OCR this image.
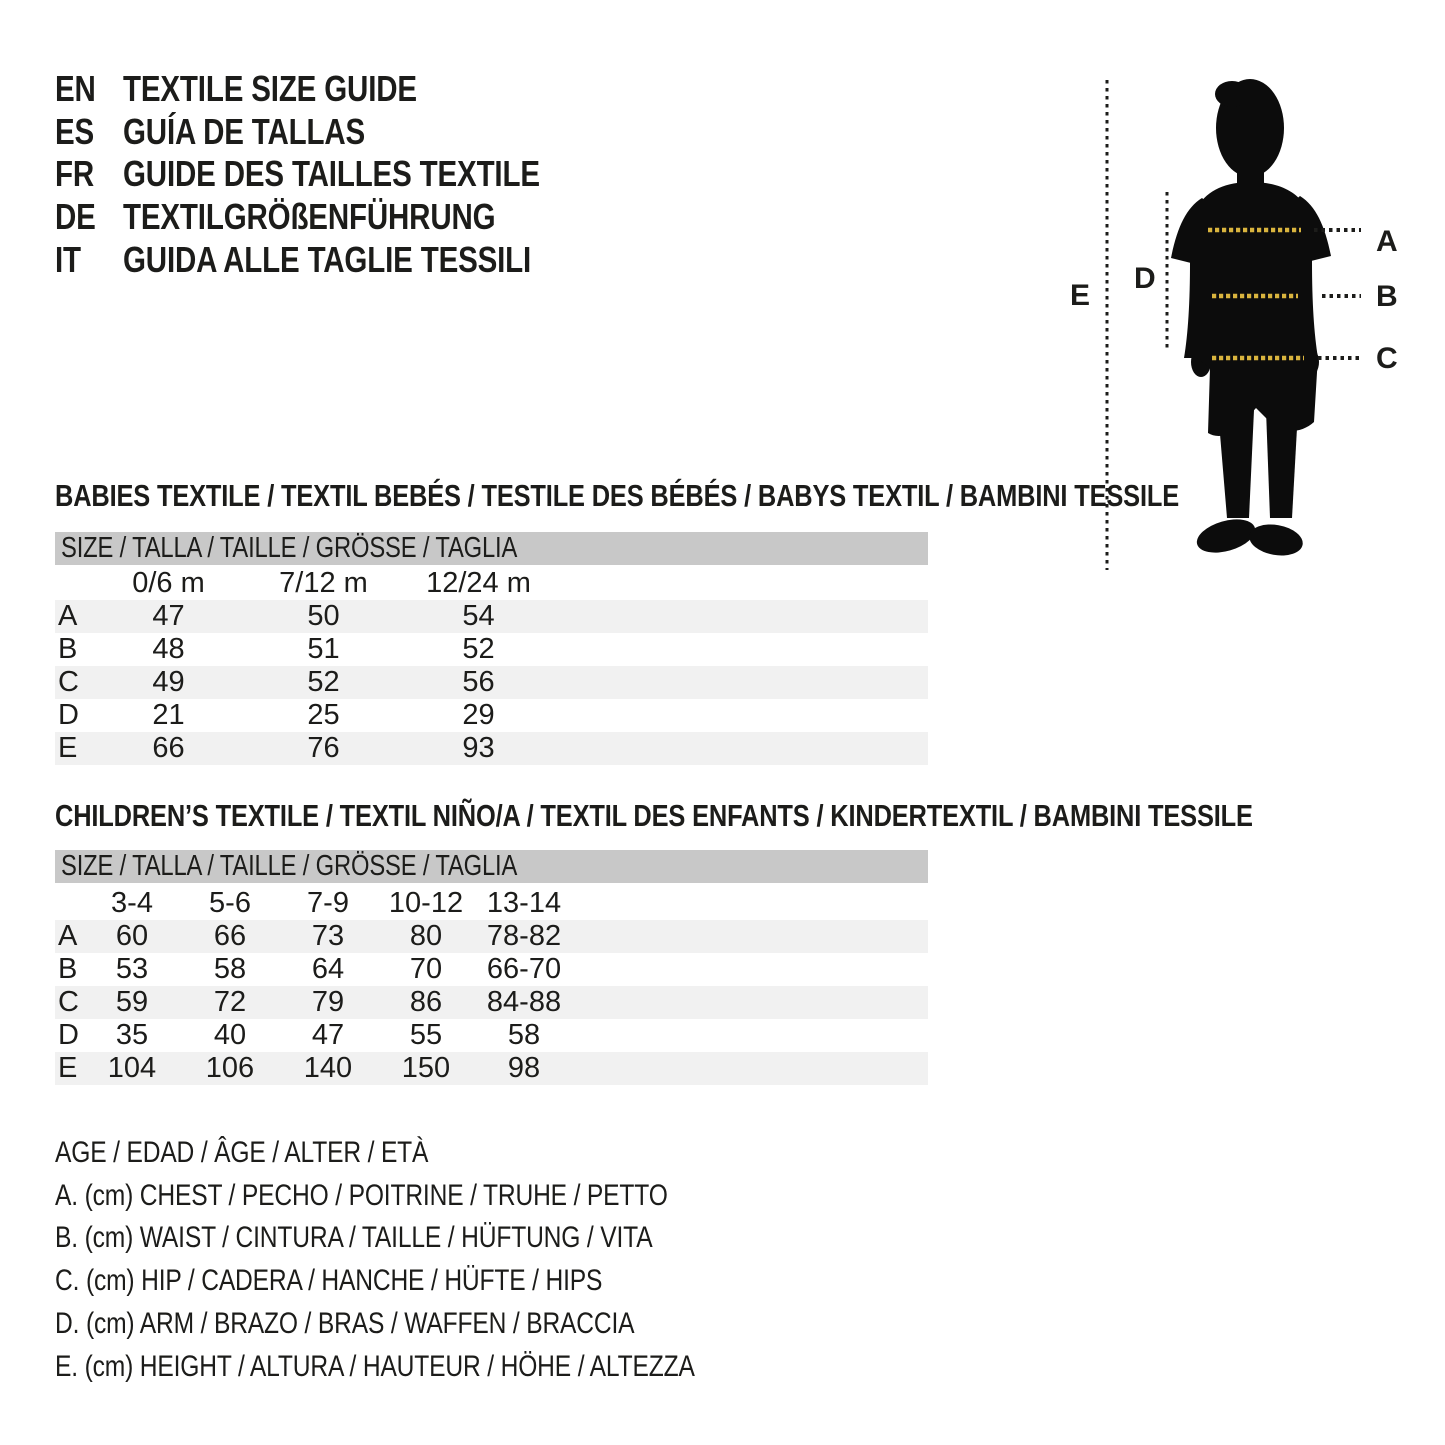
EN TEXTILE SIZE GUIDE
ES GUÍA DE TALLAS
FR GUIDE DES TAILLES TEXTILE
DE TEXTILGRÖßENFÜHRUNG
IT	GUIDA ALLE TAGLIE TESSILI	A
B
C
D
E
BABIES TEXTILE / TEXTIL BEBÉS / TESTILE DES BÉBÉS / BABYS TEXTIL / BAMBINI TESSILE
SIZE / TALLA / TAILLE / GRÖSSE / TAGLIA
0/6 m	7/12 m	12/24 m
A	47	50	54
B	48	51	52
C	49	52	56
D	21	25	29
E	66	76	93
CHILDREN’S TEXTILE / TEXTIL NIÑO/A / TEXTIL DES ENFANTS / KINDERTEXTIL / BAMBINI TESSILE
SIZE / TALLA / TAILLE / GRÖSSE / TAGLIA
3-4	5-6	7-9	10-12 13-14
A	60	66	73	80	78-82
B	53	58	64	70	66-70
C	59	72	79	86	84-88
D	35	40	47	55	58
E	104	106	140	150	98
AGE / EDAD / ÂGE / ALTER / ETÀ
A. (cm) CHEST / PECHO / POITRINE / TRUHE / PETTO
B. (cm) WAIST / CINTURA / TAILLE / HÜFTUNG / VITA
C. (cm) HIP / CADERA / HANCHE / HÜFTE / HIPS
D. (cm) ARM / BRAZO / BRAS / WAFFEN / BRACCIA
E. (cm) HEIGHT / ALTURA / HAUTEUR / HÖHE / ALTEZZA
